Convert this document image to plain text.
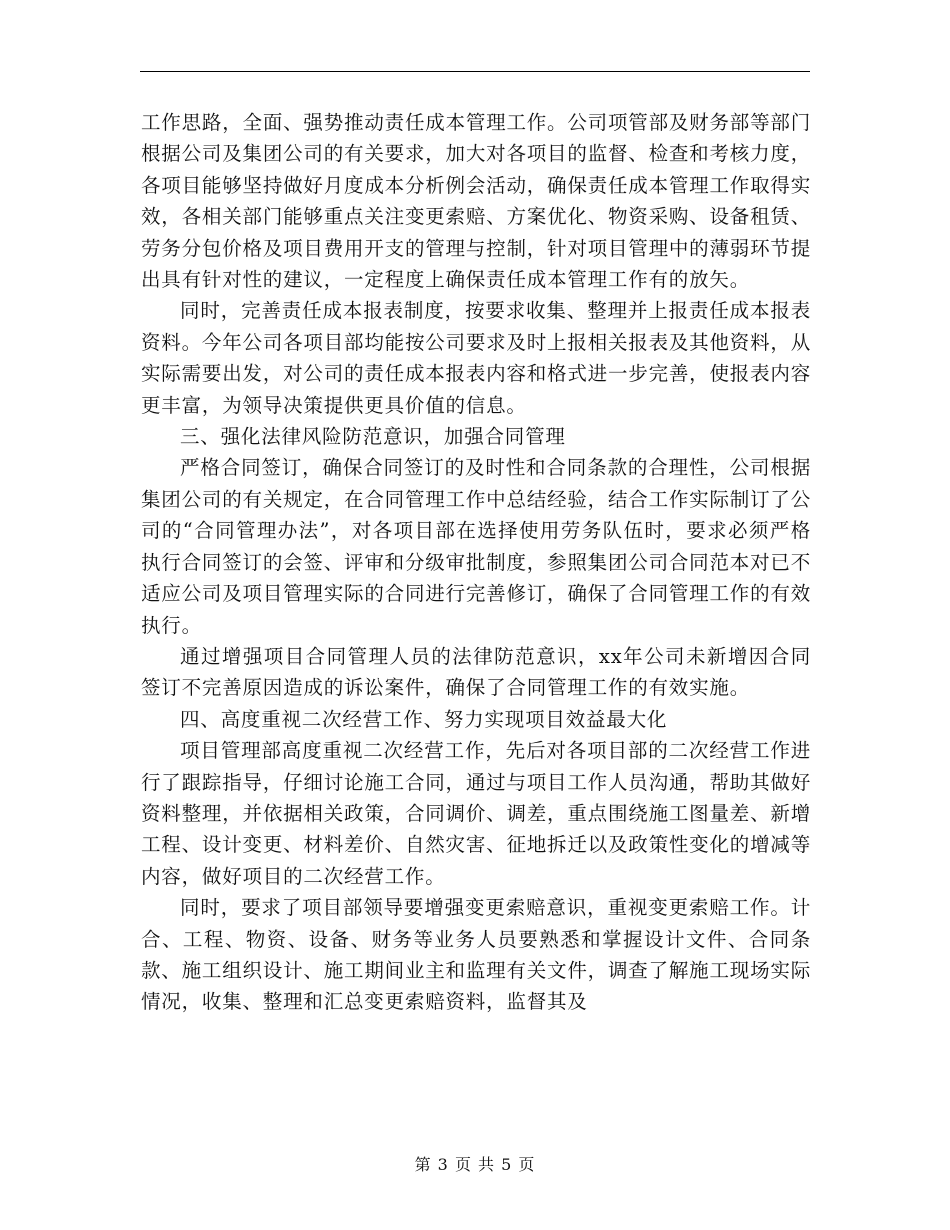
工作思路，全面、强势推动责任成本管理工作。公司项管部及财务部等部门根据公司及集团公司的有关要求，加大对各项目的监督、检查和考核力度，各项目能够坚持做好月度成本分析例会活动，确保责任成本管理工作取得实效，各相关部门能够重点关注变更索赔、方案优化、物资采购、设备租赁、劳务分包价格及项目费用开支的管理与控制，针对项目管理中的薄弱环节提出具有针对性的建议，一定程度上确保责任成本管理工作有的放矢。

同时，完善责任成本报表制度，按要求收集、整理并上报责任成本报表资料。今年公司各项目部均能按公司要求及时上报相关报表及其他资料，从实际需要出发，对公司的责任成本报表内容和格式进一步完善，使报表内容更丰富，为领导决策提供更具价值的信息。

三、强化法律风险防范意识，加强合同管理

严格合同签订，确保合同签订的及时性和合同条款的合理性，公司根据集团公司的有关规定，在合同管理工作中总结经验，结合工作实际制订了公司的“合同管理办法”，对各项目部在选择使用劳务队伍时，要求必须严格执行合同签订的会签、评审和分级审批制度，参照集团公司合同范本对已不适应公司及项目管理实际的合同进行完善修订，确保了合同管理工作的有效执行。

通过增强项目合同管理人员的法律防范意识，xx年公司未新增因合同签订不完善原因造成的诉讼案件，确保了合同管理工作的有效实施。

四、高度重视二次经营工作、努力实现项目效益最大化

项目管理部高度重视二次经营工作，先后对各项目部的二次经营工作进行了跟踪指导，仔细讨论施工合同，通过与项目工作人员沟通，帮助其做好资料整理，并依据相关政策，合同调价、调差，重点围绕施工图量差、新增工程、设计变更、材料差价、自然灾害、征地拆迁以及政策性变化的增减等内容，做好项目的二次经营工作。

同时，要求了项目部领导要增强变更索赔意识，重视变更索赔工作。计合、工程、物资、设备、财务等业务人员要熟悉和掌握设计文件、合同条款、施工组织设计、施工期间业主和监理有关文件，调查了解施工现场实际情况，收集、整理和汇总变更索赔资料，监督其及

第 3 页 共 5 页
